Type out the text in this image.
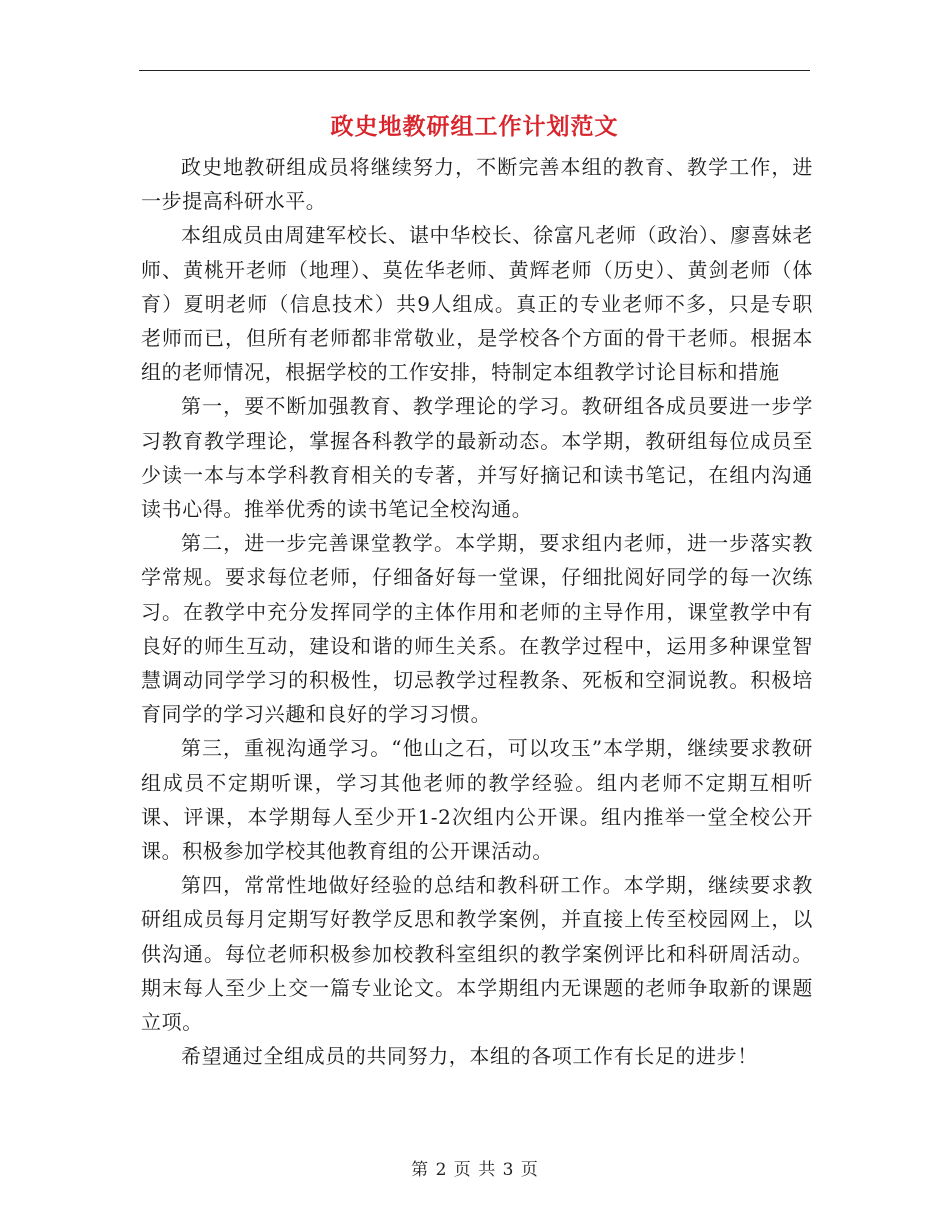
政史地教研组工作计划范文

政史地教研组成员将继续努力，不断完善本组的教育、教学工作，进一步提高科研水平。

本组成员由周建军校长、谌中华校长、徐富凡老师（政治）、廖喜妹老师、黄桃开老师（地理）、莫佐华老师、黄辉老师（历史）、黄剑老师（体育）夏明老师（信息技术）共9人组成。真正的专业老师不多，只是专职老师而已，但所有老师都非常敬业，是学校各个方面的骨干老师。根据本组的老师情况，根据学校的工作安排，特制定本组教学讨论目标和措施

第一，要不断加强教育、教学理论的学习。教研组各成员要进一步学习教育教学理论，掌握各科教学的最新动态。本学期，教研组每位成员至少读一本与本学科教育相关的专著，并写好摘记和读书笔记，在组内沟通读书心得。推举优秀的读书笔记全校沟通。

第二，进一步完善课堂教学。本学期，要求组内老师，进一步落实教学常规。要求每位老师，仔细备好每一堂课，仔细批阅好同学的每一次练习。在教学中充分发挥同学的主体作用和老师的主导作用，课堂教学中有良好的师生互动，建设和谐的师生关系。在教学过程中，运用多种课堂智慧调动同学学习的积极性，切忌教学过程教条、死板和空洞说教。积极培育同学的学习兴趣和良好的学习习惯。

第三，重视沟通学习。“他山之石，可以攻玉”本学期，继续要求教研组成员不定期听课，学习其他老师的教学经验。组内老师不定期互相听课、评课，本学期每人至少开1-2次组内公开课。组内推举一堂全校公开课。积极参加学校其他教育组的公开课活动。

第四，常常性地做好经验的总结和教科研工作。本学期，继续要求教研组成员每月定期写好教学反思和教学案例，并直接上传至校园网上，以供沟通。每位老师积极参加校教科室组织的教学案例评比和科研周活动。期末每人至少上交一篇专业论文。本学期组内无课题的老师争取新的课题立项。

希望通过全组成员的共同努力，本组的各项工作有长足的进步！

第 2 页 共 3 页
